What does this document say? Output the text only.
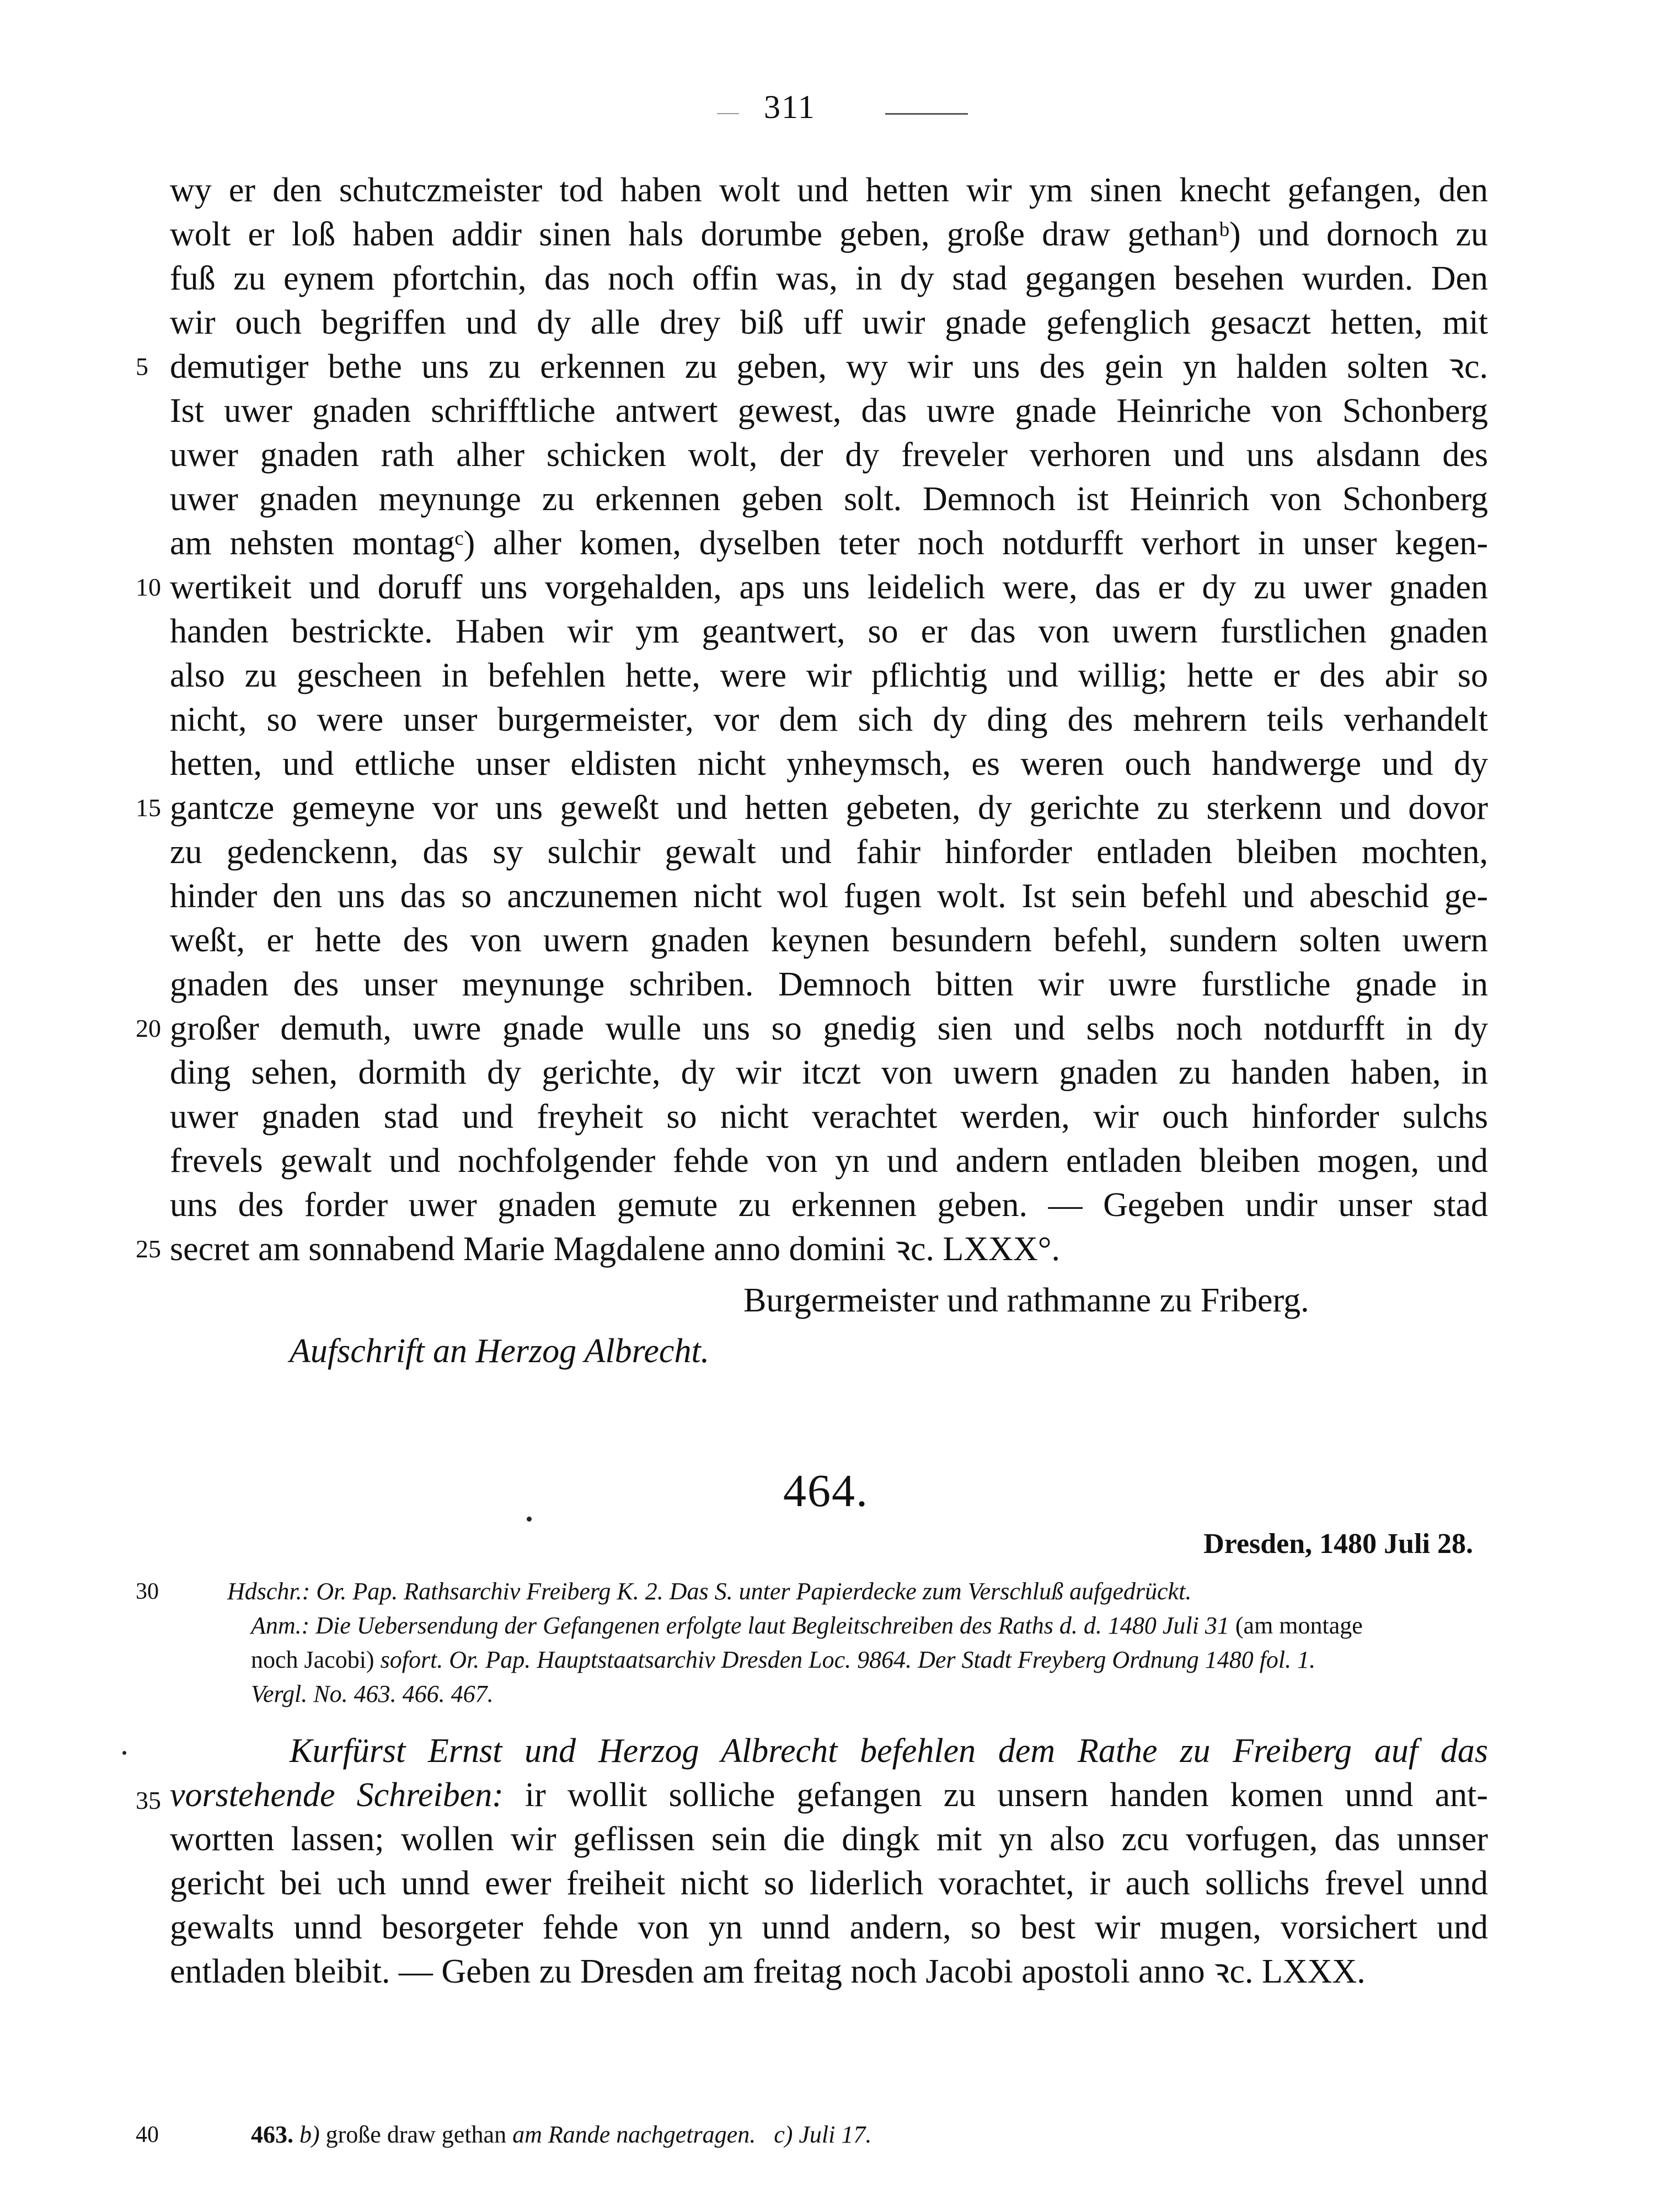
311
wy er den schutczmeister tod haben wolt und hetten wir ym sinen knecht gefangen, den
wolt er loß haben addir sinen hals dorumbe geben, große draw gethanᵇ) und dornoch zu
fuß zu eynem pfortchin, das noch offin was, in dy stad gegangen besehen wurden. Den
wir ouch begriffen und dy alle drey biß uff uwir gnade gefenglich gesaczt hetten, mit
demutiger bethe uns zu erkennen zu geben, wy wir uns des gein yn halden solten ꝛc.
Ist uwer gnaden schrifftliche antwert gewest, das uwre gnade Heinriche von Schonberg
uwer gnaden rath alher schicken wolt, der dy freveler verhoren und uns alsdann des
uwer gnaden meynunge zu erkennen geben solt. Demnoch ist Heinrich von Schonberg
am nehsten montagᶜ) alher komen, dyselben teter noch notdurfft verhort in unser kegen-
wertikeit und doruff uns vorgehalden, aps uns leidelich were, das er dy zu uwer gnaden
handen bestrickte. Haben wir ym geantwert, so er das von uwern furstlichen gnaden
also zu gescheen in befehlen hette, were wir pflichtig und willig; hette er des abir so
nicht, so were unser burgermeister, vor dem sich dy ding des mehrern teils verhandelt
hetten, und ettliche unser eldisten nicht ynheymsch, es weren ouch handwerge und dy
gantcze gemeyne vor uns geweßt und hetten gebeten, dy gerichte zu sterkenn und dovor
zu gedenckenn, das sy sulchir gewalt und fahir hinforder entladen bleiben mochten,
hinder den uns das so anczunemen nicht wol fugen wolt. Ist sein befehl und abeschid ge-
weßt, er hette des von uwern gnaden keynen besundern befehl, sundern solten uwern
gnaden des unser meynunge schriben. Demnoch bitten wir uwre furstliche gnade in
großer demuth, uwre gnade wulle uns so gnedig sien und selbs noch notdurfft in dy
ding sehen, dormith dy gerichte, dy wir itczt von uwern gnaden zu handen haben, in
uwer gnaden stad und freyheit so nicht verachtet werden, wir ouch hinforder sulchs
frevels gewalt und nochfolgender fehde von yn und andern entladen bleiben mogen, und
uns des forder uwer gnaden gemute zu erkennen geben. — Gegeben undir unser stad
secret am sonnabend Marie Magdalene anno domini ꝛc. LXXX°.
5
10
15
20
25
Burgermeister und rathmanne zu Friberg.
Aufschrift an Herzog Albrecht.
464.
Dresden, 1480 Juli 28.
30	Hdschr.: Or. Pap. Rathsarchiv Freiberg K. 2. Das S. unter Papierdecke zum Verschluß aufgedrückt.
Anm.: Die Uebersendung der Gefangenen erfolgte laut Begleitschreiben des Raths d. d. 1480 Juli 31 (am montage
noch Jacobi) sofort. Or. Pap. Hauptstaatsarchiv Dresden Loc. 9864. Der Stadt Freyberg Ordnung 1480 fol. 1.
Vergl. No. 463. 466. 467.
Kurfürst Ernst und Herzog Albrecht befehlen dem Rathe zu Freiberg auf das
35 vorstehende Schreiben: ir wollit solliche gefangen zu unsern handen komen unnd ant-
wortten lassen; wollen wir geflissen sein die dingk mit yn also zcu vorfugen, das unnser
gericht bei uch unnd ewer freiheit nicht so liderlich vorachtet, ir auch sollichs frevel unnd
gewalts unnd besorgeter fehde von yn unnd andern, so best wir mugen, vorsichert und
entladen bleibit. — Geben zu Dresden am freitag noch Jacobi apostoli anno ꝛc. LXXX.
40	463. b) große draw gethan am Rande nachgetragen. c) Juli 17.
